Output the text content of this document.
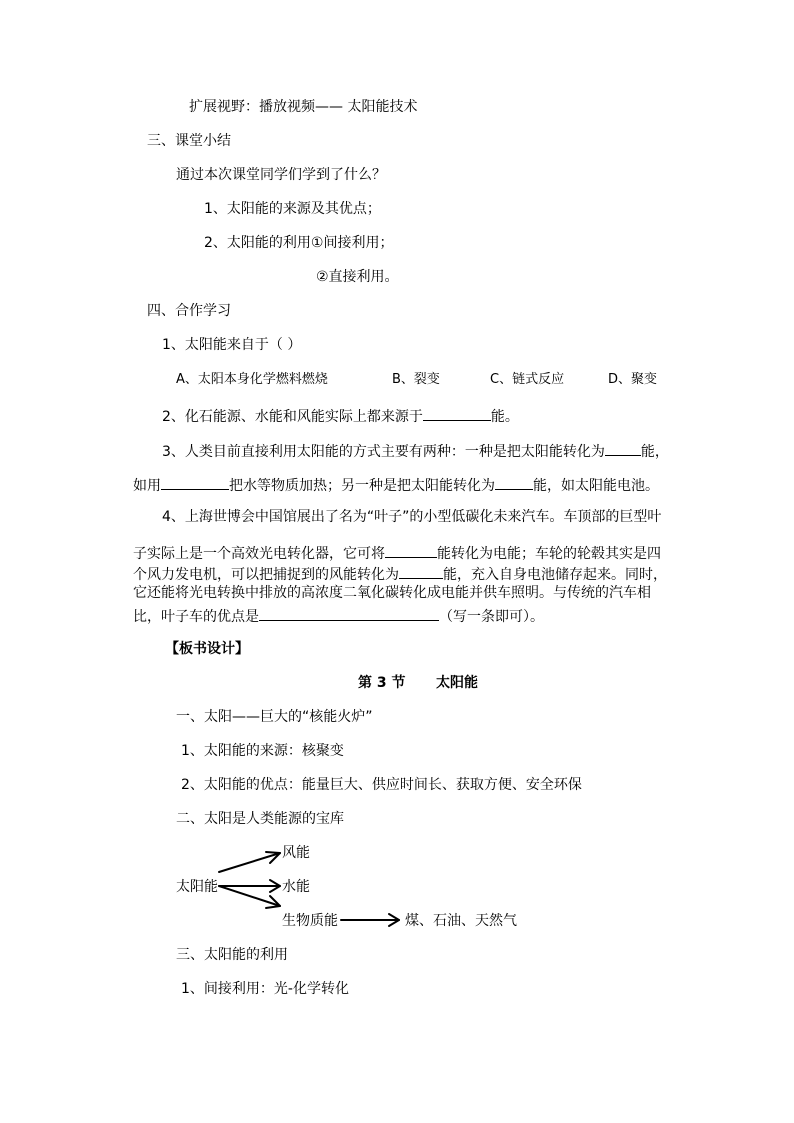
扩展视野：播放视频—— 太阳能技术
三、课堂小结
通过本次课堂同学们学到了什么？
1、太阳能的来源及其优点；
2、太阳能的利用①间接利用；
②直接利用。
四、合作学习
1、太阳能来自于（ ）
A、太阳本身化学燃料燃烧	B、裂变	C、链式反应	D、聚变
2、化石能源、水能和风能实际上都来源于	能。
3、人类目前直接利用太阳能的方式主要有两种：一种是把太阳能转化为	能，
如用	把水等物质加热；另一种是把太阳能转化为	能，如太阳能电池。
4、上海世博会中国馆展出了名为“叶子”的小型低碳化未来汽车。车顶部的巨型叶
子实际上是一个高效光电转化器，它可将	能转化为电能；车轮的轮毂其实是四
个风力发电机，可以把捕捉到的风能转化为	能，充入自身电池储存起来。同时，
它还能将光电转换中排放的高浓度二氧化碳转化成电能并供车照明。与传统的汽车相
比，叶子车的优点是	（写一条即可）。
【板书设计】
第 3 节 太阳能
一、太阳——巨大的“核能火炉”
1、太阳能的来源：核聚变
2、太阳能的优点：能量巨大、供应时间长、获取方便、安全环保
二、太阳是人类能源的宝库
风能
太阳能	水能
生物质能	煤、石油、天然气
三、太阳能的利用
1、间接利用：光-化学转化
